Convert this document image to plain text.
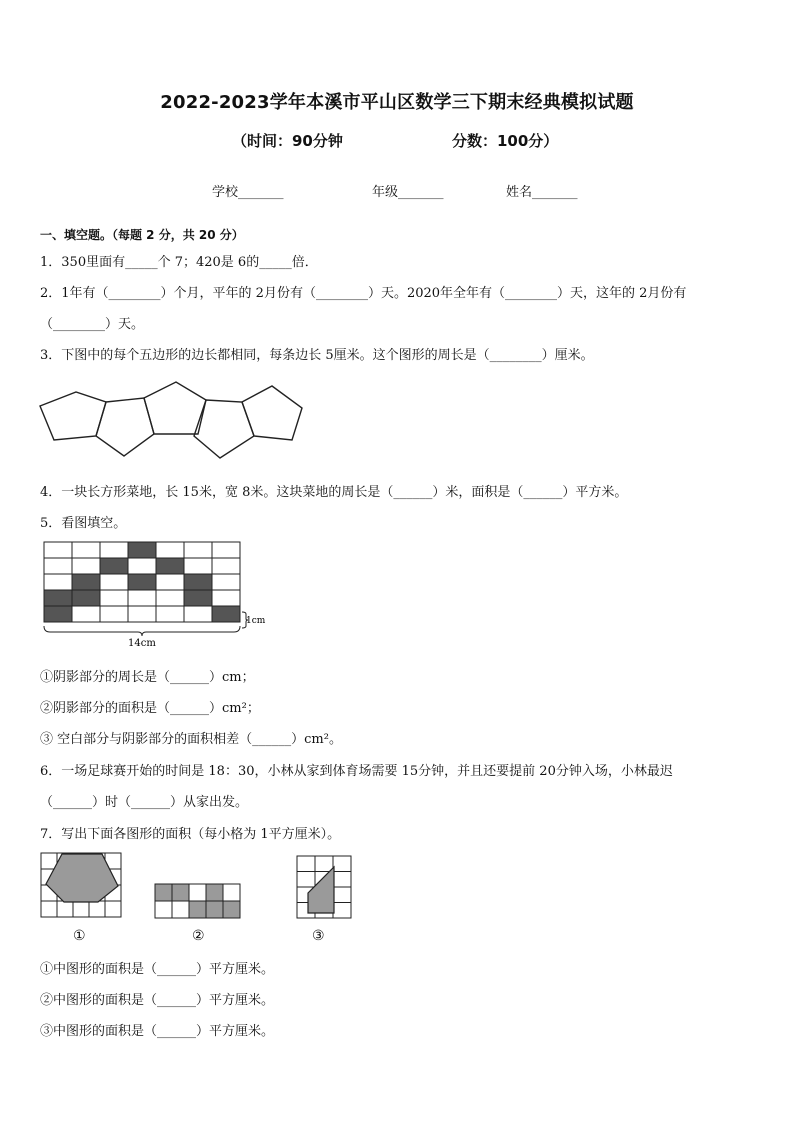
2022-2023学年本溪市平山区数学三下期末经典模拟试题
（时间：90分钟	分数：100分）
学校_______	年级_______	姓名_______
一、填空题。（每题 2 分，共 20 分）
1．350里面有_____个 7；420是 6的_____倍．
2．1年有（________）个月，平年的 2月份有（________）天。2020年全年有（________）天，这年的 2月份有
（________）天。
3．下图中的每个五边形的边长都相同，每条边长 5厘米。这个图形的周长是（________）厘米。
4．一块长方形菜地，长 15米，宽 8米。这块菜地的周长是（______）米，面积是（______）平方米。
5．看图填空。
1cm
14cm
①阴影部分的周长是（______）cm；
②阴影部分的面积是（______）cm²；
③ 空白部分与阴影部分的面积相差（______）cm²。
6．一场足球赛开始的时间是 18：30，小林从家到体育场需要 15分钟，并且还要提前 20分钟入场，小林最迟
（______）时（______）从家出发。
7．写出下面各图形的面积（每小格为 1平方厘米）。
①	②	③
①中图形的面积是（______）平方厘米。
②中图形的面积是（______）平方厘米。
③中图形的面积是（______）平方厘米。
